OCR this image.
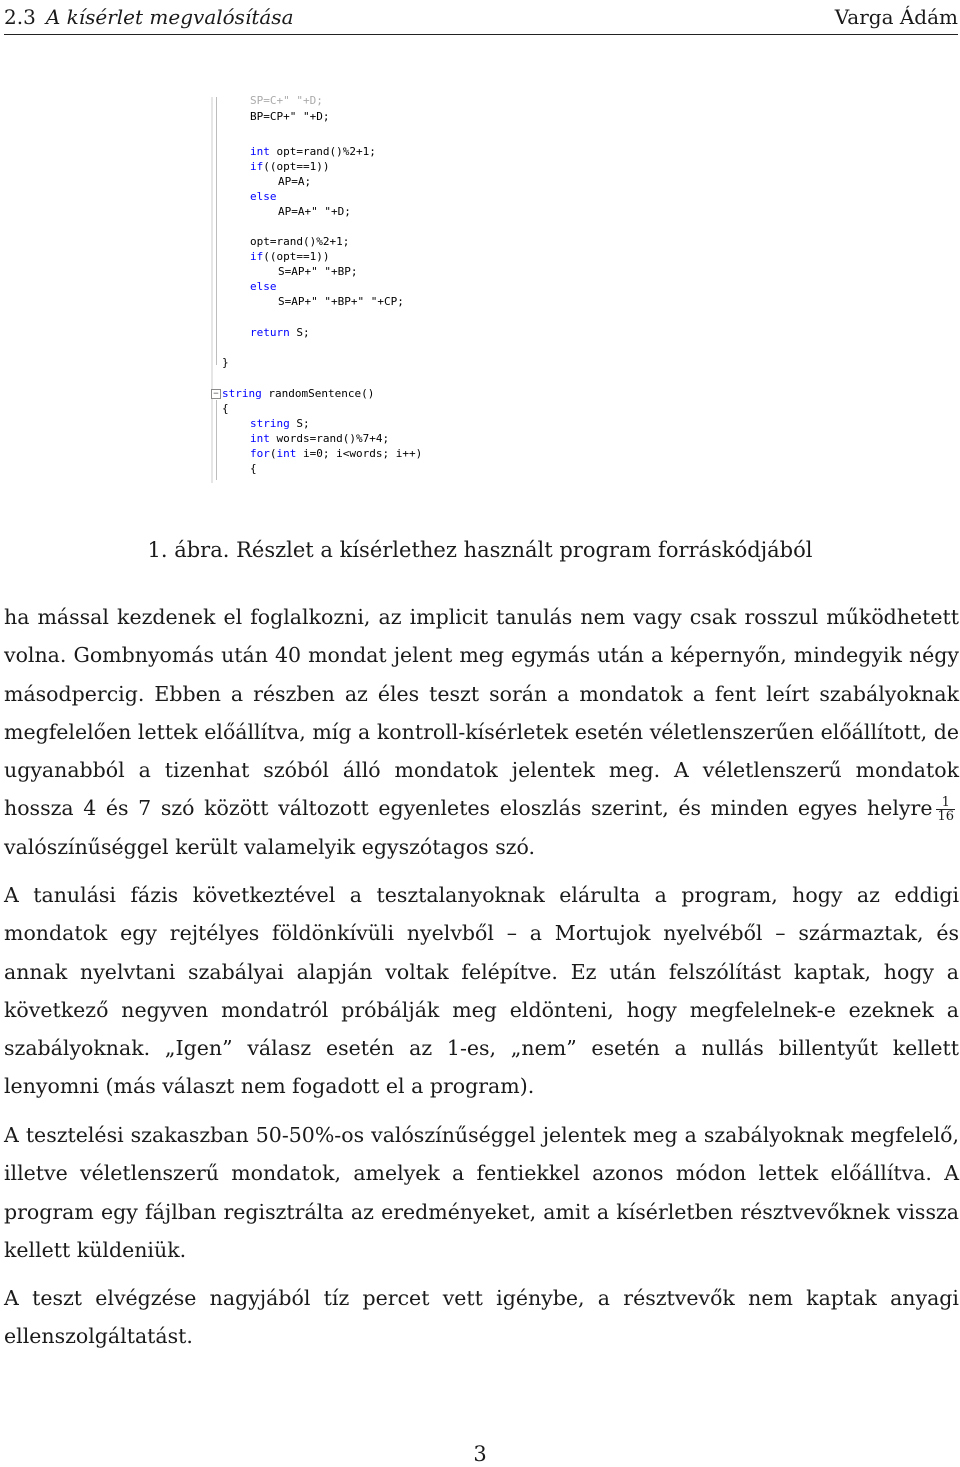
2.3 A kísérlet megvalósítása	Varga Ádám
−
SP=C+" "+D;
BP=CP+" "+D;
int opt=rand()%2+1;
if((opt==1))
AP=A;
else
AP=A+" "+D;
opt=rand()%2+1;
if((opt==1))
S=AP+" "+BP;
else
S=AP+" "+BP+" "+CP;
return S;
}
string randomSentence()
{
string S;
int words=rand()%7+4;
for(int i=0; i<words; i++)
{
1. ábra. Részlet a kísérlethez használt program forráskódjából

ha mással kezdenek el foglalkozni, az implicit tanulás nem vagy csak rosszul működhetett volna. Gombnyomás után 40 mondat jelent meg egymás után a képernyőn, mindegyik négy másodpercig. Ebben a részben az éles teszt során a mondatok a fent leírt szabályoknak megfelelően lettek előállítva, míg a kontroll-kísérletek esetén véletlenszerűen előállított, de ugyanabból a tizenhat szóból álló mondatok jelentek meg. A véletlenszerű mondatok hossza 4 és 7 szó között változott egyenletes eloszlás szerint, és minden egyes helyre $\frac{1}{16}$
valószínűséggel került valamelyik egyszótagos szó.

A tanulási fázis következtével a tesztalanyoknak elárulta a program, hogy az eddigi mondatok egy rejtélyes földönkívüli nyelvből – a Mortujok nyelvéből – származtak, és annak nyelvtani szabályai alapján voltak felépítve. Ez után felszólítást kaptak, hogy a következő negyven mondatról próbálják meg eldönteni, hogy megfelelnek-e ezeknek a szabályoknak. „Igen” válasz esetén az 1-es, „nem” esetén a nullás billentyűt kellett lenyomni (más választ nem fogadott el a program).

A tesztelési szakaszban 50-50%-os valószínűséggel jelentek meg a szabályoknak megfelelő, illetve véletlenszerű mondatok, amelyek a fentiekkel azonos módon lettek előállítva. A program egy fájlban regisztrálta az eredményeket, amit a kísérletben résztvevőknek vissza kellett küldeniük.

A teszt elvégzése nagyjából tíz percet vett igénybe, a résztvevők nem kaptak anyagi ellenszolgáltatást.

3
